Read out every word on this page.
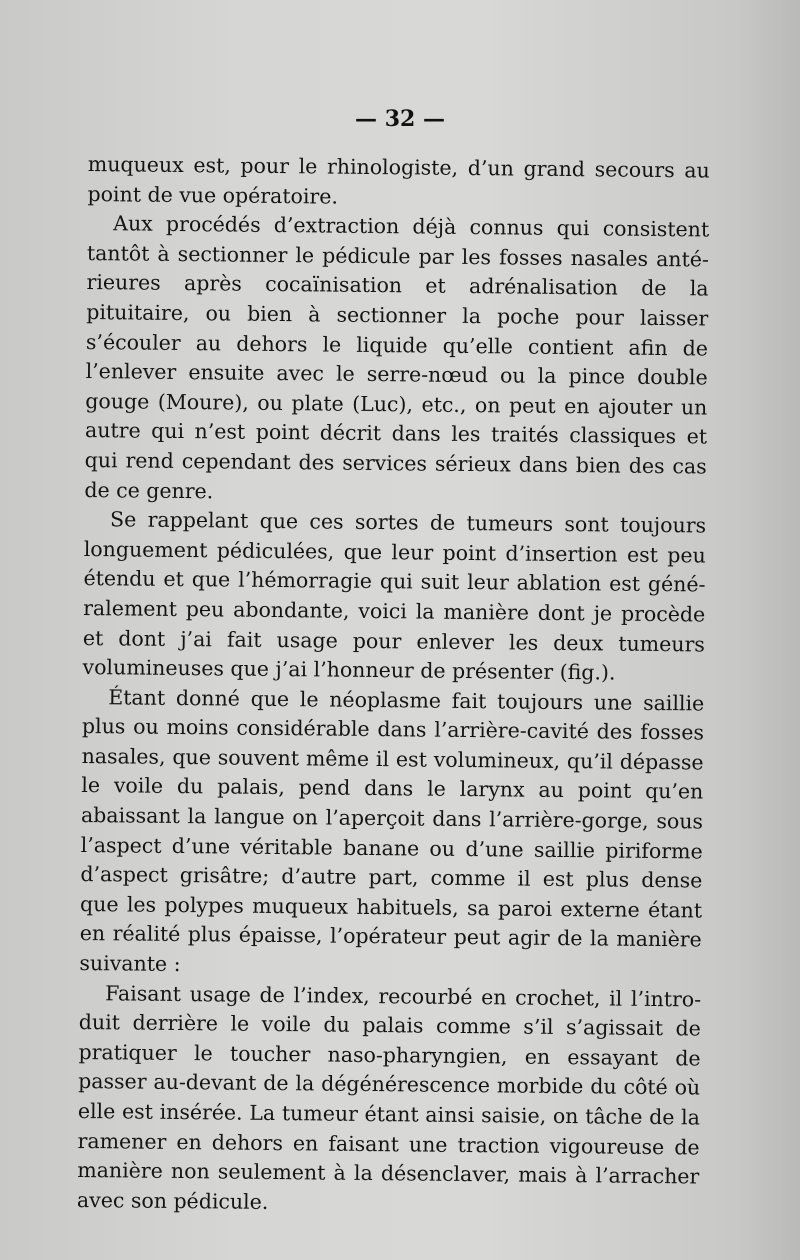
— 32 —

muqueux est, pour le rhinologiste, d’un grand secours au point de vue opératoire.

Aux procédés d’extraction déjà connus qui consistent tantôt à sectionner le pédicule par les fosses nasales antérieures après cocaïnisation et adrénalisation de la pituitaire, ou bien à sectionner la poche pour laisser s’écouler au dehors le liquide qu’elle contient afin de l’enlever ensuite avec le serre-nœud ou la pince double gouge (Moure), ou plate (Luc), etc., on peut en ajouter un autre qui n’est point décrit dans les traités classiques et qui rend cependant des services sérieux dans bien des cas de ce genre.

Se rappelant que ces sortes de tumeurs sont toujours longuement pédiculées, que leur point d’insertion est peu étendu et que l’hémorragie qui suit leur ablation est généralement peu abondante, voici la manière dont je procède et dont j’ai fait usage pour enlever les deux tumeurs volumineuses que j’ai l’honneur de présenter (fig.).

Étant donné que le néoplasme fait toujours une saillie plus ou moins considérable dans l’arrière-cavité des fosses nasales, que souvent même il est volumineux, qu’il dépasse le voile du palais, pend dans le larynx au point qu’en abaissant la langue on l’aperçoit dans l’arrière-gorge, sous l’aspect d’une véritable banane ou d’une saillie piriforme d’aspect grisâtre; d’autre part, comme il est plus dense que les polypes muqueux habituels, sa paroi externe étant en réalité plus épaisse, l’opérateur peut agir de la manière suivante :

Faisant usage de l’index, recourbé en crochet, il l’introduit derrière le voile du palais comme s’il s’agissait de pratiquer le toucher naso-pharyngien, en essayant de passer au-devant de la dégénérescence morbide du côté où elle est insérée. La tumeur étant ainsi saisie, on tâche de la ramener en dehors en faisant une traction vigoureuse de manière non seulement à la désenclaver, mais à l’arracher avec son pédicule.
